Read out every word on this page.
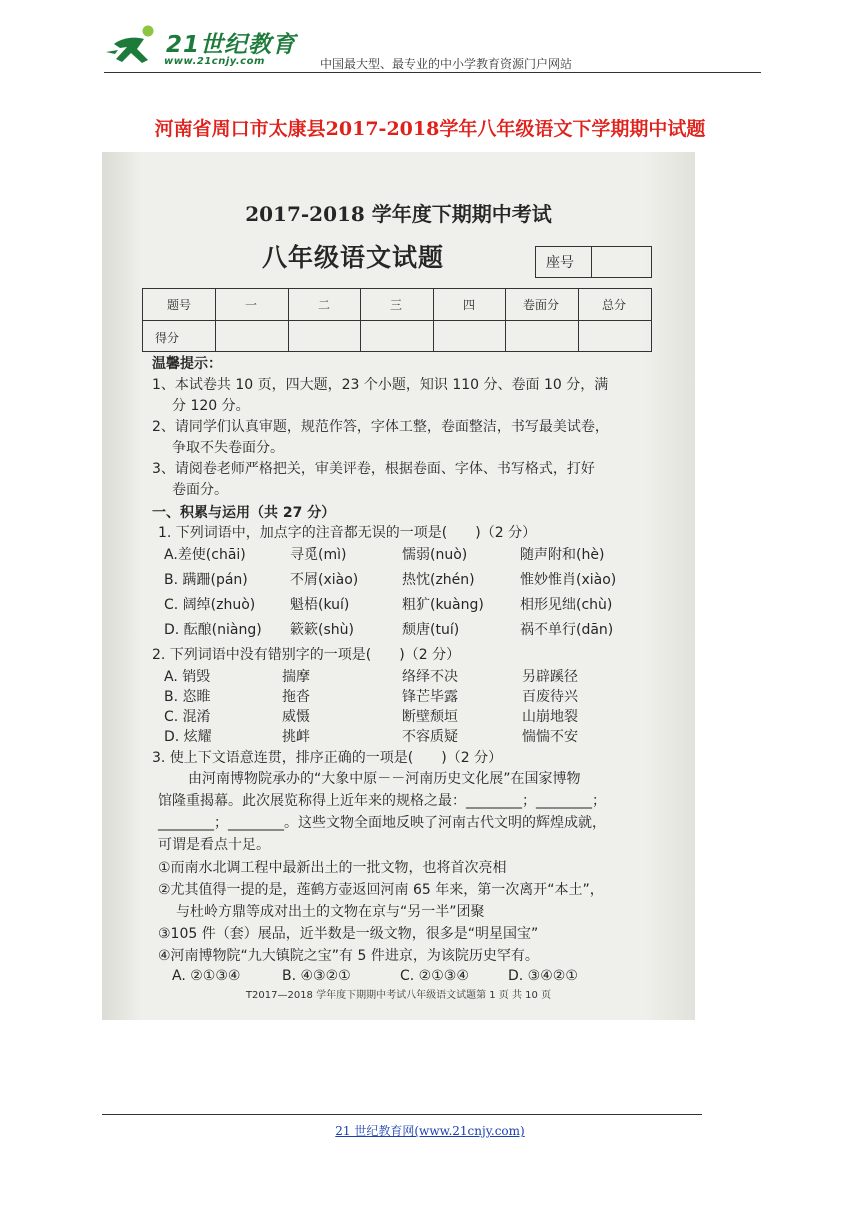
21世纪教育
www.21cnjy.com	中国最大型、最专业的中小学教育资源门户网站
河南省周口市太康县2017-2018学年八年级语文下学期期中试题
2017-2018 学年度下期期中考试
八年级语文试题	座号
题号	一	二	三	四	卷面分	总分
得分
温馨提示：
1、本试卷共 10 页，四大题，23 个小题，知识 110 分、卷面 10 分，满
分 120 分。
2、请同学们认真审题，规范作答，字体工整，卷面整洁，书写最美试卷，
争取不失卷面分。
3、请阅卷老师严格把关，审美评卷，根据卷面、字体、书写格式，打好
卷面分。
一、积累与运用（共 27 分）
1. 下列词语中，加点字的注音都无误的一项是(　　)（2 分）
A.差使(chāi)	寻觅(mì)	懦弱(nuò)	随声附和(hè)
B. 蹒跚(pán)	不屑(xiào)	热忱(zhén)	惟妙惟肖(xiào)
C. 阔绰(zhuò) 魁梧(kuí)	粗犷(kuàng)	相形见绌(chù)
D. 酝酿(niàng) 簌簌(shù)	颓唐(tuí)	祸不单行(dān)
2. 下列词语中没有错别字的一项是(　　)（2 分）
A. 销毁	揣摩	络绎不决	另辟蹊径
B. 恣睢	拖沓	锋芒毕露	百废待兴
C. 混淆	威慑	断壁颓垣	山崩地裂
D. 炫耀	挑衅	不容质疑	惴惴不安
3. 使上下文语意连贯，排序正确的一项是(　　)（2 分）
由河南博物院承办的“大象中原－－河南历史文化展”在国家博物
馆隆重揭幕。此次展览称得上近年来的规格之最：________；________；
________；________。这些文物全面地反映了河南古代文明的辉煌成就，
可谓是看点十足。
①而南水北调工程中最新出土的一批文物，也将首次亮相
②尤其值得一提的是，莲鹤方壶返回河南 65 年来，第一次离开“本土”，
与杜岭方鼎等成对出土的文物在京与“另一半”团聚
③105 件（套）展品，近半数是一级文物，很多是“明星国宝”
④河南博物院“九大镇院之宝”有 5 件进京，为该院历史罕有。
A. ②①③④	B. ④③②①	C. ②①③④	D. ③④②①
T2017—2018 学年度下期期中考试八年级语文试题第 1 页 共 10 页
21 世纪教育网(www.21cnjy.com)
